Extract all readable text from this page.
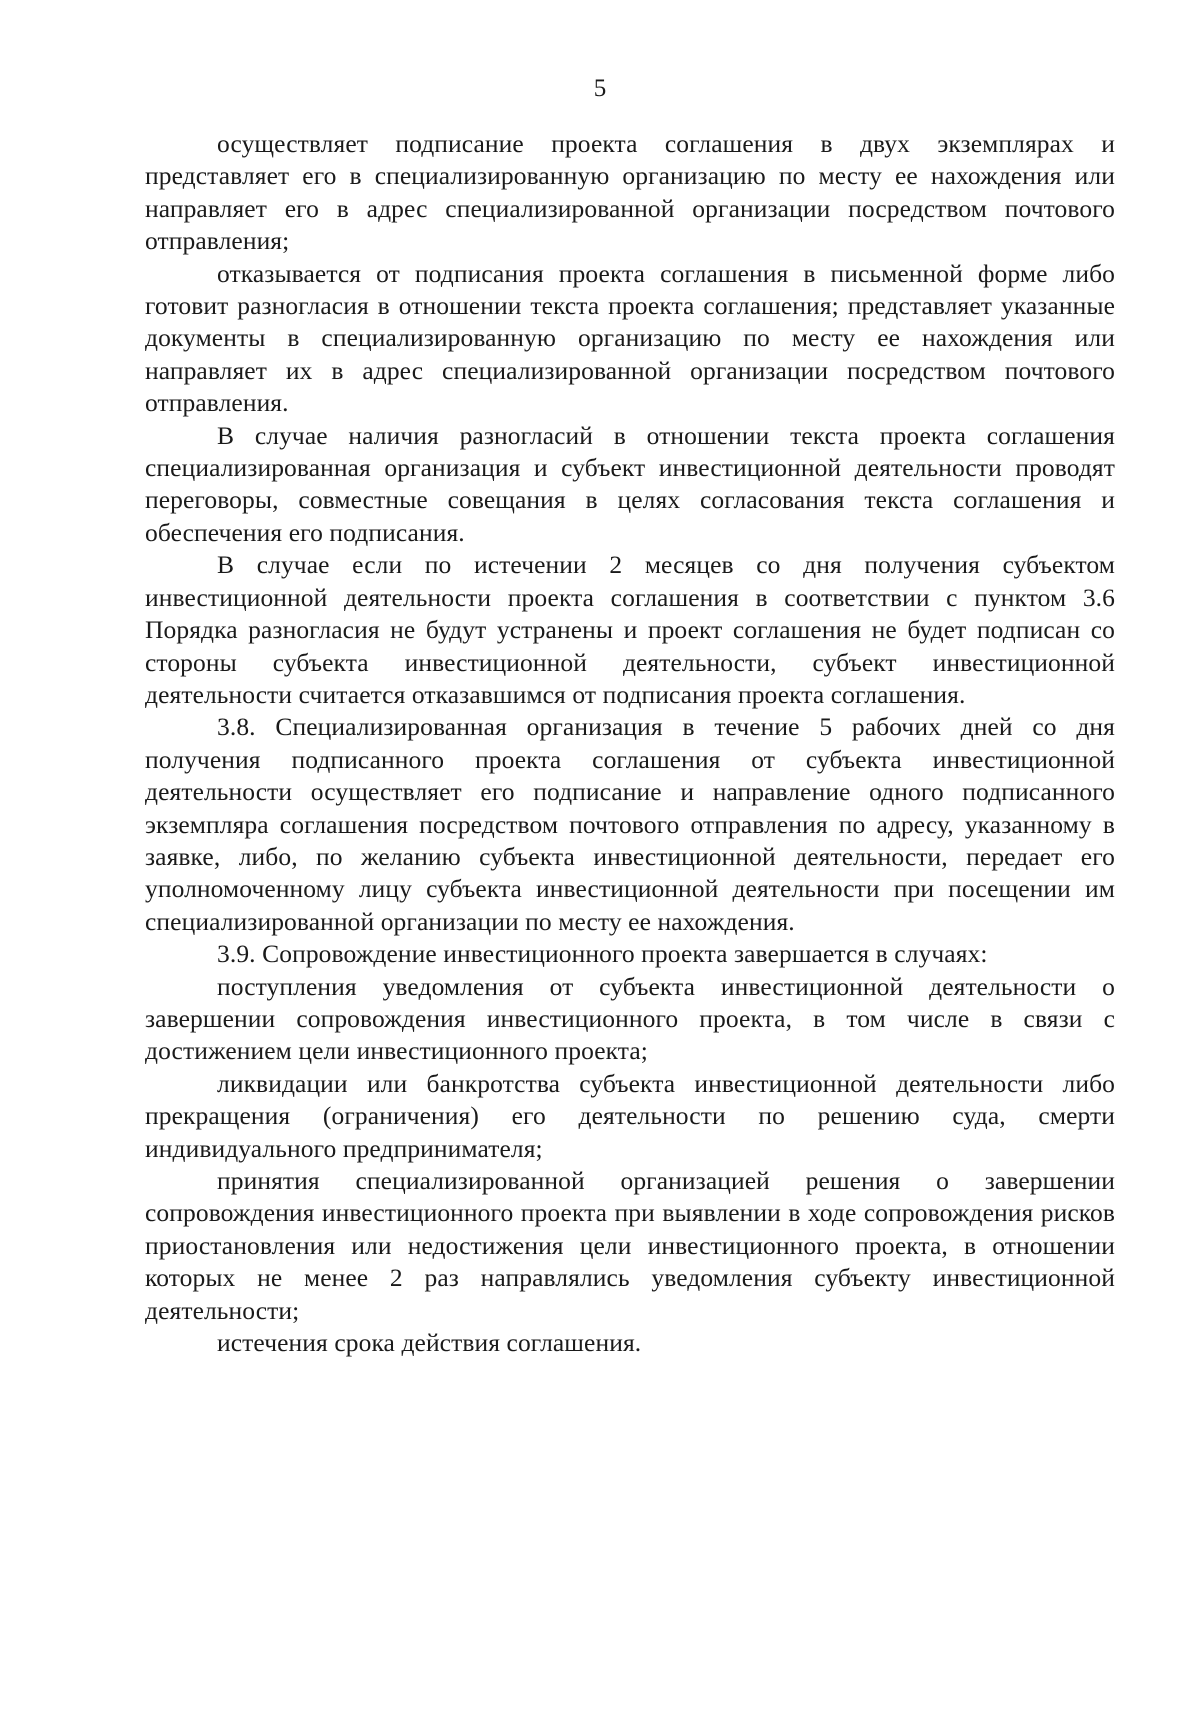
5

осуществляет подписание проекта соглашения в двух экземплярах и представляет его в специализированную организацию по месту ее нахождения или направляет его в адрес специализированной организации посредством почтового отправления;

отказывается от подписания проекта соглашения в письменной форме либо готовит разногласия в отношении текста проекта соглашения; представляет указанные документы в специализированную организацию по месту ее нахождения или направляет их в адрес специализированной организации посредством почтового отправления.

В случае наличия разногласий в отношении текста проекта соглашения специализированная организация и субъект инвестиционной деятельности проводят переговоры, совместные совещания в целях согласования текста соглашения и обеспечения его подписания.

В случае если по истечении 2 месяцев со дня получения субъектом инвестиционной деятельности проекта соглашения в соответствии с пунктом 3.6 Порядка разногласия не будут устранены и проект соглашения не будет подписан со стороны субъекта инвестиционной деятельности, субъект инвестиционной деятельности считается отказавшимся от подписания проекта соглашения.

3.8. Специализированная организация в течение 5 рабочих дней со дня получения подписанного проекта соглашения от субъекта инвестиционной деятельности осуществляет его подписание и направление одного подписанного экземпляра соглашения посредством почтового отправления по адресу, указанному в заявке, либо, по желанию субъекта инвестиционной деятельности, передает его уполномоченному лицу субъекта инвестиционной деятельности при посещении им специализированной организации по месту ее нахождения.

3.9. Сопровождение инвестиционного проекта завершается в случаях:

поступления уведомления от субъекта инвестиционной деятельности о завершении сопровождения инвестиционного проекта, в том числе в связи с достижением цели инвестиционного проекта;

ликвидации или банкротства субъекта инвестиционной деятельности либо прекращения (ограничения) его деятельности по решению суда, смерти индивидуального предпринимателя;

принятия специализированной организацией решения о завершении сопровождения инвестиционного проекта при выявлении в ходе сопровождения рисков приостановления или недостижения цели инвестиционного проекта, в отношении которых не менее 2 раз направлялись уведомления субъекту инвестиционной деятельности;

истечения срока действия соглашения.
